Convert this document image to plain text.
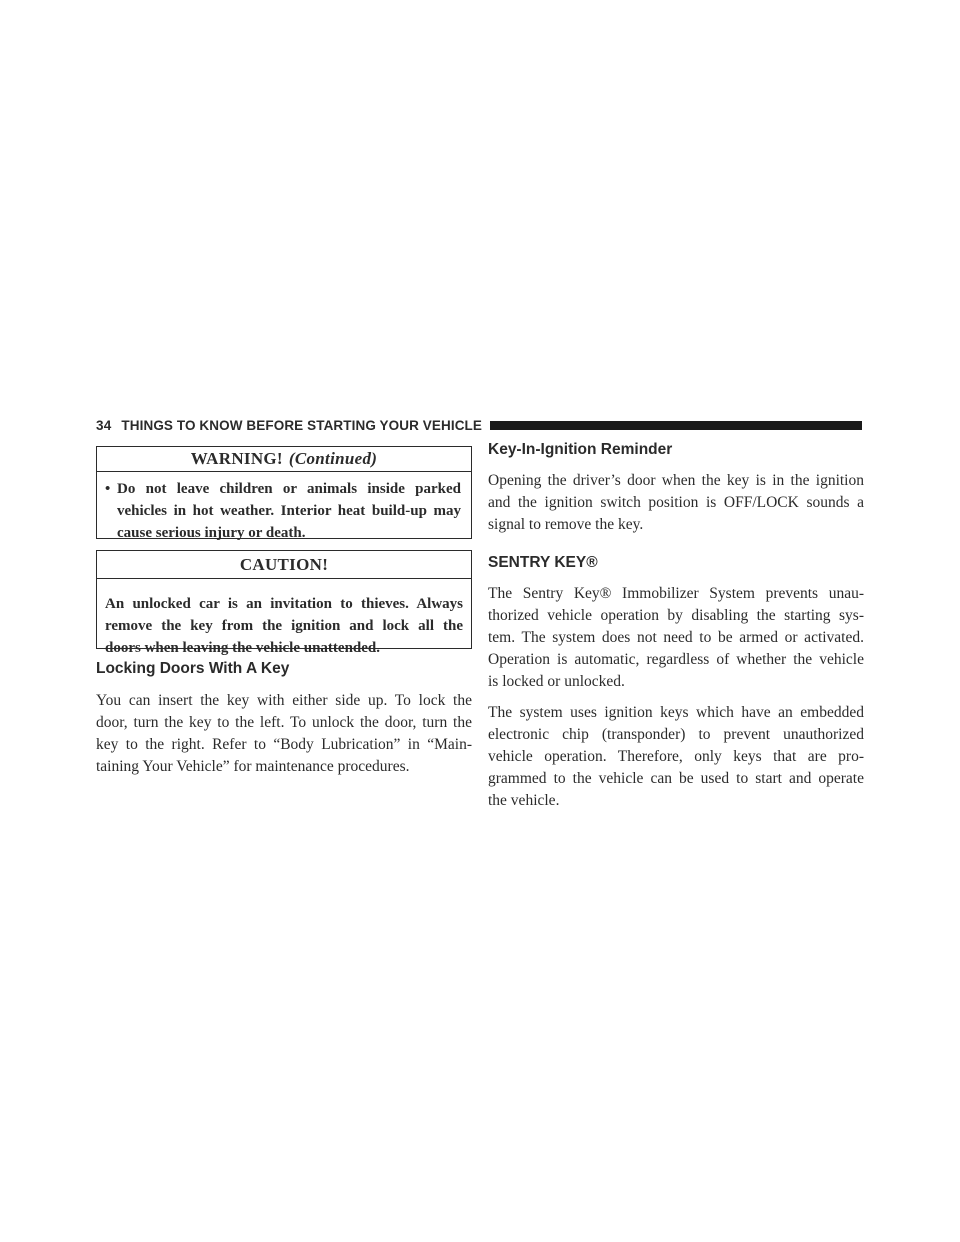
34 THINGS TO KNOW BEFORE STARTING YOUR VEHICLE
WARNING! (Continued)
• Do not leave children or animals inside parked
vehicles in hot weather. Interior heat build-up may
cause serious injury or death.
CAUTION!
An unlocked car is an invitation to thieves. Always
remove the key from the ignition and lock all the
doors when leaving the vehicle unattended.
Locking Doors With A Key

You can insert the key with either side up. To lock the
door, turn the key to the left. To unlock the door, turn the
key to the right. Refer to “Body Lubrication” in “Main-
taining Your Vehicle” for maintenance procedures.

Key-In-Ignition Reminder

Opening the driver’s door when the key is in the ignition
and the ignition switch position is OFF/LOCK sounds a
signal to remove the key.

SENTRY KEY®

The Sentry Key® Immobilizer System prevents unau-
thorized vehicle operation by disabling the starting sys-
tem. The system does not need to be armed or activated.
Operation is automatic, regardless of whether the vehicle
is locked or unlocked.

The system uses ignition keys which have an embedded
electronic chip (transponder) to prevent unauthorized
vehicle operation. Therefore, only keys that are pro-
grammed to the vehicle can be used to start and operate
the vehicle.
